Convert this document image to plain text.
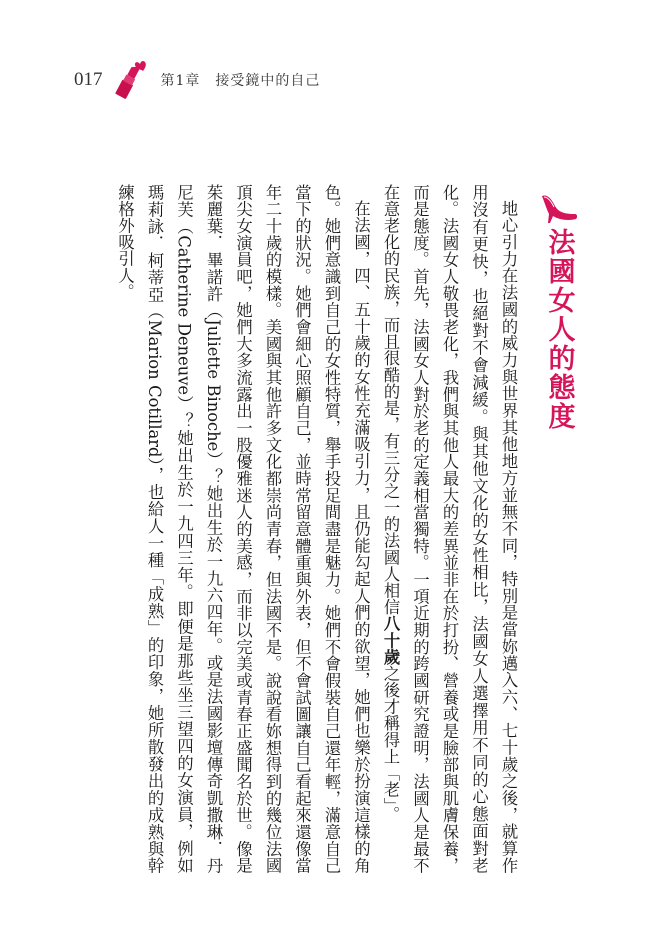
017	第1章　接受鏡中的自己
法國女人的態度

地心引力在法國的威力與世界其他地方並無不同，特別是當妳邁入六、七十歲之後，就算作用沒有更快，也絕對不會減緩。與其他文化的女性相比，法國女人選擇用不同的心態面對老化。法國女人敬畏老化，我們與其他人最大的差異並非在於打扮、營養或是臉部與肌膚保養，而是態度。首先，法國女人對於老的定義相當獨特。一項近期的跨國研究證明，法國人是最不在意老化的民族，而且很酷的是，有三分之一的法國人相信八十歲之後才稱得上「老」。

在法國，四、五十歲的女性充滿吸引力，且仍能勾起人們的欲望，她們也樂於扮演這樣的角色。她們意識到自己的女性特質，舉手投足間盡是魅力。她們不會假裝自己還年輕，滿意自己當下的狀況。她們會細心照顧自己，並時常留意體重與外表，但不會試圖讓自己看起來還像當年二十歲的模樣。美國與其他許多文化都崇尚青春，但法國不是。說說看妳想得到的幾位法國頂尖女演員吧，她們大多流露出一股優雅迷人的美感，而非以完美或青春正盛聞名於世。像是茱麗葉．畢諾許（Juliette Binoche）？她出生於一九六四年。或是法國影壇傳奇凱撒琳．丹尼芙（Catherine Deneuve）？她出生於一九四三年。即便是那些坐三望四的女演員，例如瑪莉詠．柯蒂亞（Marion Cotillard），也給人一種「成熟」的印象，她所散發出的成熟與幹練格外吸引人。
